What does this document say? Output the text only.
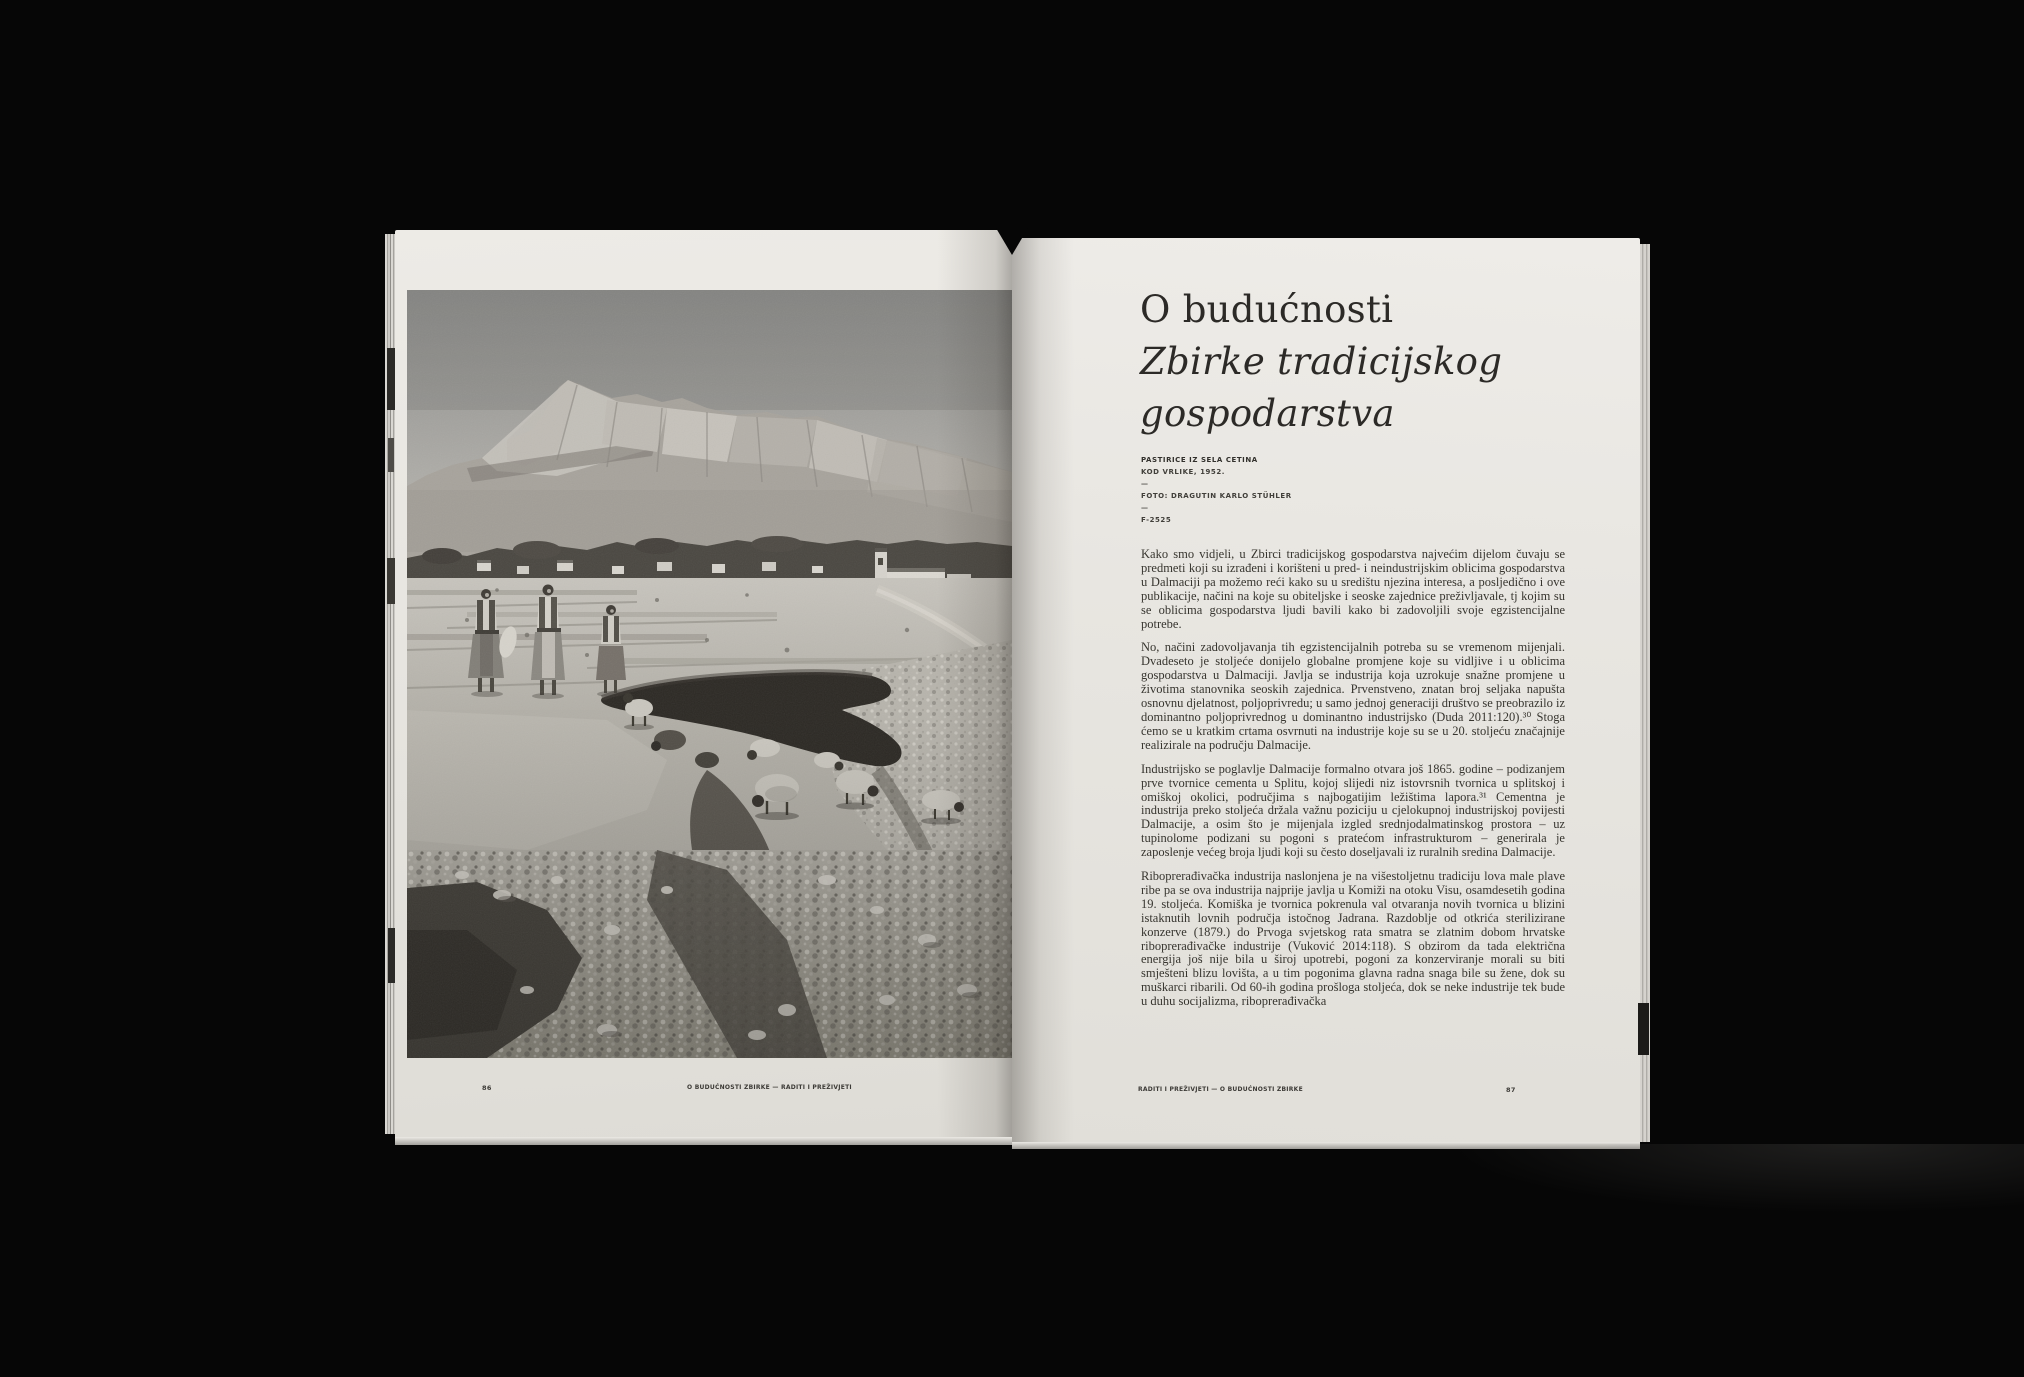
86	O BUDUĆNOSTI ZBIRKE — RADITI I PREŽIVJETI
O budućnosti
Zbirke tradicijskog
gospodarstva
PASTIRICE IZ SELA CETINA
KOD VRLIKE, 1952.
—
FOTO: DRAGUTIN KARLO STÜHLER
—
F-2525

Kako smo vidjeli, u Zbirci tradicijskog gospodarstva najvećim dijelom čuvaju se predmeti koji su izrađeni i korišteni u pred- i neindustrijskim oblicima gospodarstva u Dalmaciji pa možemo reći kako su u središtu njezina interesa, a posljedično i ove publikacije, načini na koje su obiteljske i seoske zajednice preživljavale, tj kojim su se oblicima gospodarstva ljudi bavili kako bi zadovoljili svoje egzistencijalne potrebe.

No, načini zadovoljavanja tih egzistencijalnih potreba su se vremenom mijenjali. Dvadeseto je stoljeće donijelo globalne promjene koje su vidljive i u oblicima gospodarstva u Dalmaciji. Javlja se industrija koja uzrokuje snažne promjene u životima stanovnika seoskih zajednica. Prvenstveno, znatan broj seljaka napušta osnovnu djelatnost, poljoprivredu; u samo jednoj generaciji društvo se preobrazilo iz dominantno poljoprivrednog u dominantno industrijsko (Duda 2011:120).³⁰ Stoga ćemo se u kratkim crtama osvrnuti na industrije koje su se u 20. stoljeću značajnije realizirale na području Dalmacije.

Industrijsko se poglavlje Dalmacije formalno otvara još 1865. godine – podizanjem prve tvornice cementa u Splitu, kojoj slijedi niz istovrsnih tvornica u splitskoj i omiškoj okolici, područjima s najbogatijim ležištima lapora.³¹ Cementna je industrija preko stoljeća držala važnu poziciju u cjelokupnoj industrijskoj povijesti Dalmacije, a osim što je mijenjala izgled srednjodalmatinskog prostora – uz tupinolome podizani su pogoni s pratećom infrastrukturom – generirala je zaposlenje većeg broja ljudi koji su često doseljavali iz ruralnih sredina Dalmacije.

Riboprerađivačka industrija naslonjena je na višestoljetnu tradiciju lova male plave ribe pa se ova industrija najprije javlja u Komiži na otoku Visu, osamdesetih godina 19. stoljeća. Komiška je tvornica pokrenula val otvaranja novih tvornica u blizini istaknutih lovnih područja istočnog Jadrana. Razdoblje od otkrića sterilizirane konzerve (1879.) do Prvoga svjetskog rata smatra se zlatnim dobom hrvatske riboprerađivačke industrije (Vuković 2014:118). S obzirom da tada električna energija još nije bila u široj upotrebi, pogoni za konzerviranje morali su biti smješteni blizu lovišta, a u tim pogonima glavna radna snaga bile su žene, dok su muškarci ribarili. Od 60-ih godina prošloga stoljeća, dok se neke industrije tek bude u duhu socijalizma, riboprerađivačka

RADITI I PREŽIVJETI — O BUDUĆNOSTI ZBIRKE	87
